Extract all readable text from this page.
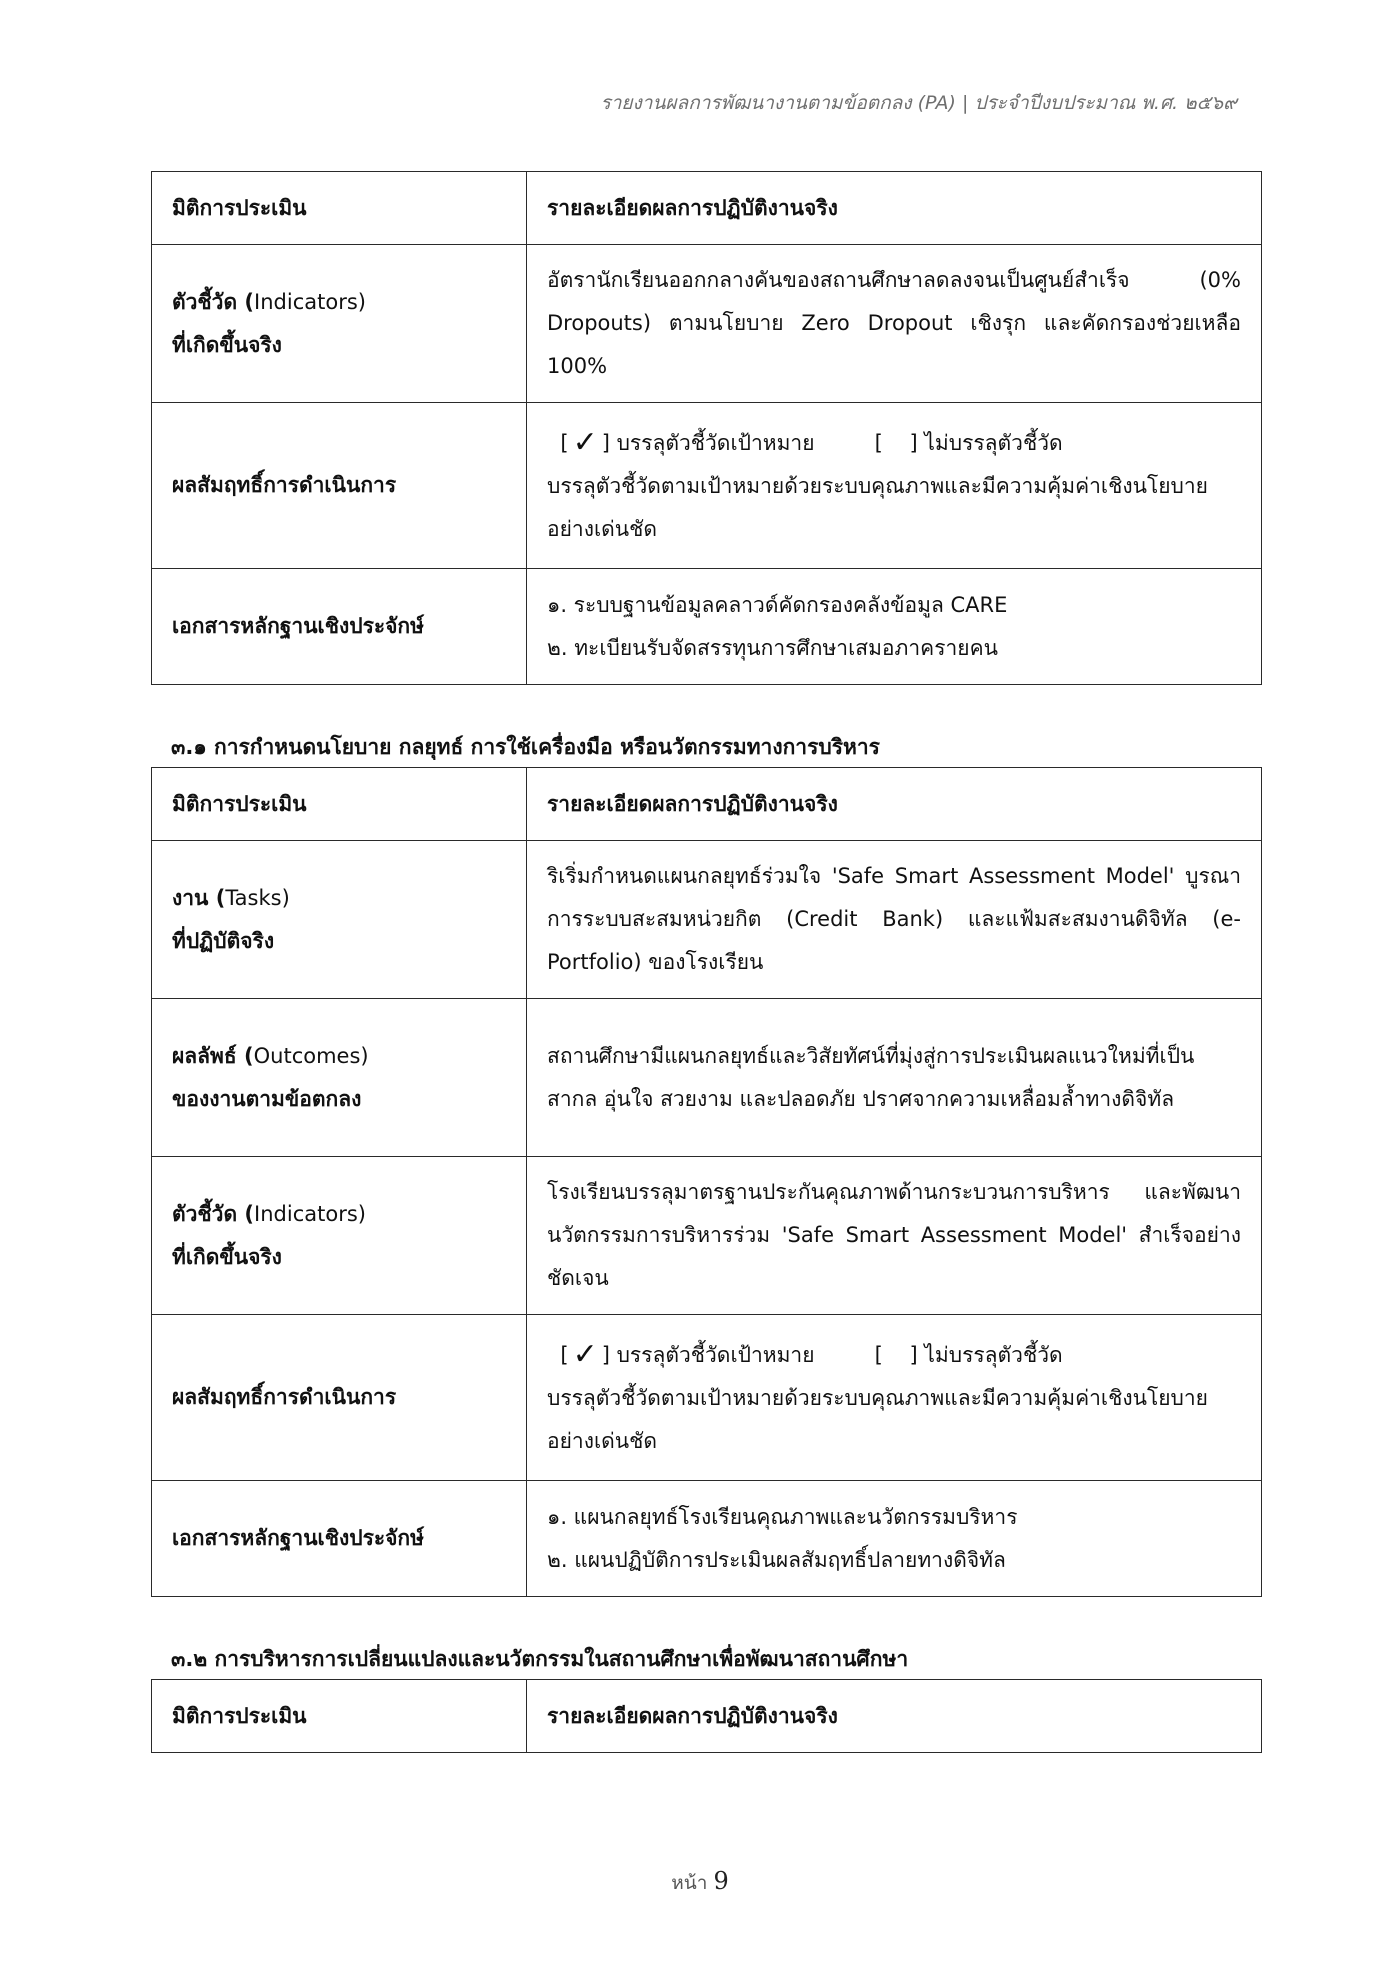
รายงานผลการพัฒนางานตามข้อตกลง (PA) | ประจำปีงบประมาณ พ.ศ. ๒๕๖๙
มิติการประเมิน	รายละเอียดผลการปฏิบัติงานจริง

ตัวชี้วัด (Indicators)
ที่เกิดขึ้นจริง	อัตรานักเรียนออกกลางคันของสถานศึกษาลดลงจนเป็นศูนย์สำเร็จ (0% Dropouts) ตามนโยบาย Zero Dropout เชิงรุก และคัดกรองช่วยเหลือ 100%
ผลสัมฤทธิ์การดำเนินการ	[ ✓ ] บรรลุตัวชี้วัดเป้าหมาย [    ] ไม่บรรลุตัวชี้วัด
บรรลุตัวชี้วัดตามเป้าหมายด้วยระบบคุณภาพและมีความคุ้มค่าเชิงนโยบายอย่างเด่นชัด

เอกสารหลักฐานเชิงประจักษ์	๑. ระบบฐานข้อมูลคลาวด์คัดกรองคลังข้อมูล CARE
๒. ทะเบียนรับจัดสรรทุนการศึกษาเสมอภาครายคน
๓.๑ การกำหนดนโยบาย กลยุทธ์ การใช้เครื่องมือ หรือนวัตกรรมทางการบริหาร
มิติการประเมิน	รายละเอียดผลการปฏิบัติงานจริง

งาน (Tasks)
ที่ปฏิบัติจริง	ริเริ่มกำหนดแผนกลยุทธ์ร่วมใจ 'Safe Smart Assessment Model' บูรณาการระบบสะสมหน่วยกิต (Credit Bank) และแฟ้มสะสมงานดิจิทัล (e-Portfolio) ของโรงเรียน

ผลลัพธ์ (Outcomes)
ของงานตามข้อตกลง	สถานศึกษามีแผนกลยุทธ์และวิสัยทัศน์ที่มุ่งสู่การประเมินผลแนวใหม่ที่เป็นสากล อุ่นใจ สวยงาม และปลอดภัย ปราศจากความเหลื่อมล้ำทางดิจิทัล

ตัวชี้วัด (Indicators)
ที่เกิดขึ้นจริง	โรงเรียนบรรลุมาตรฐานประกันคุณภาพด้านกระบวนการบริหาร และพัฒนานวัตกรรมการบริหารร่วม 'Safe Smart Assessment Model' สำเร็จอย่างชัดเจน
ผลสัมฤทธิ์การดำเนินการ	[ ✓ ] บรรลุตัวชี้วัดเป้าหมาย [    ] ไม่บรรลุตัวชี้วัด
บรรลุตัวชี้วัดตามเป้าหมายด้วยระบบคุณภาพและมีความคุ้มค่าเชิงนโยบายอย่างเด่นชัด

เอกสารหลักฐานเชิงประจักษ์	๑. แผนกลยุทธ์โรงเรียนคุณภาพและนวัตกรรมบริหาร
๒. แผนปฏิบัติการประเมินผลสัมฤทธิ์ปลายทางดิจิทัล
๓.๒ การบริหารการเปลี่ยนแปลงและนวัตกรรมในสถานศึกษาเพื่อพัฒนาสถานศึกษา
มิติการประเมิน	รายละเอียดผลการปฏิบัติงานจริง
หน้า 9
